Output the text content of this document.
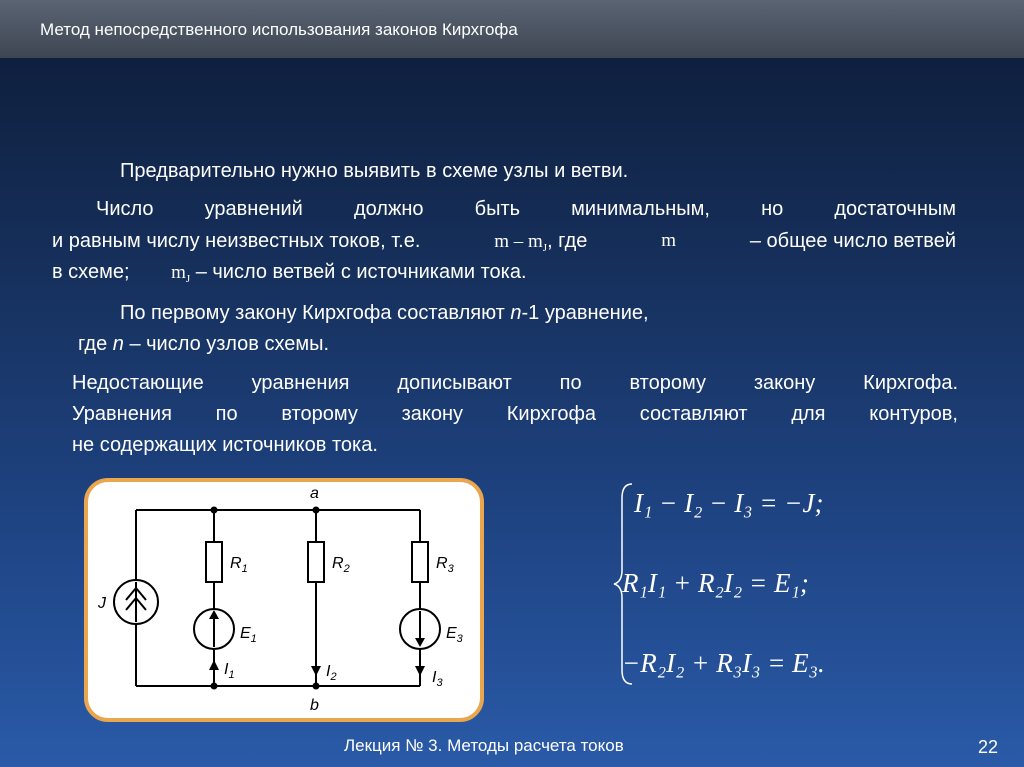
Метод непосредственного использования законов Кирхгофа
Предварительно нужно выявить в схеме узлы и ветви.
Число уравнений должно быть минимальным, но достаточным
и равным числу неизвестных токов, т.е.	m – $m_J$, где	m	– общее число ветвей
в схеме; $m_J$ – число ветвей с источниками тока.
По первому закону Кирхгофа составляют n-1 уравнение,
где n – число узлов схемы.
Недостающие уравнения дописывают по второму закону Кирхгофа.
Уравнения по второму закону Кирхгофа составляют для контуров,
не содержащих источников тока.
a
b
J
$R_1$	$R_2$	$R_3$
$E_1$	$E_3$
$I_1$	$I_2$	$I_3$
I₁ − I₂ − I₃ = −J;
R₁I₁ + R₂I₂ = E₁;
−R₂I₂ + R₃I₃ = E₃.
Лекция № 3. Методы расчета токов	22
